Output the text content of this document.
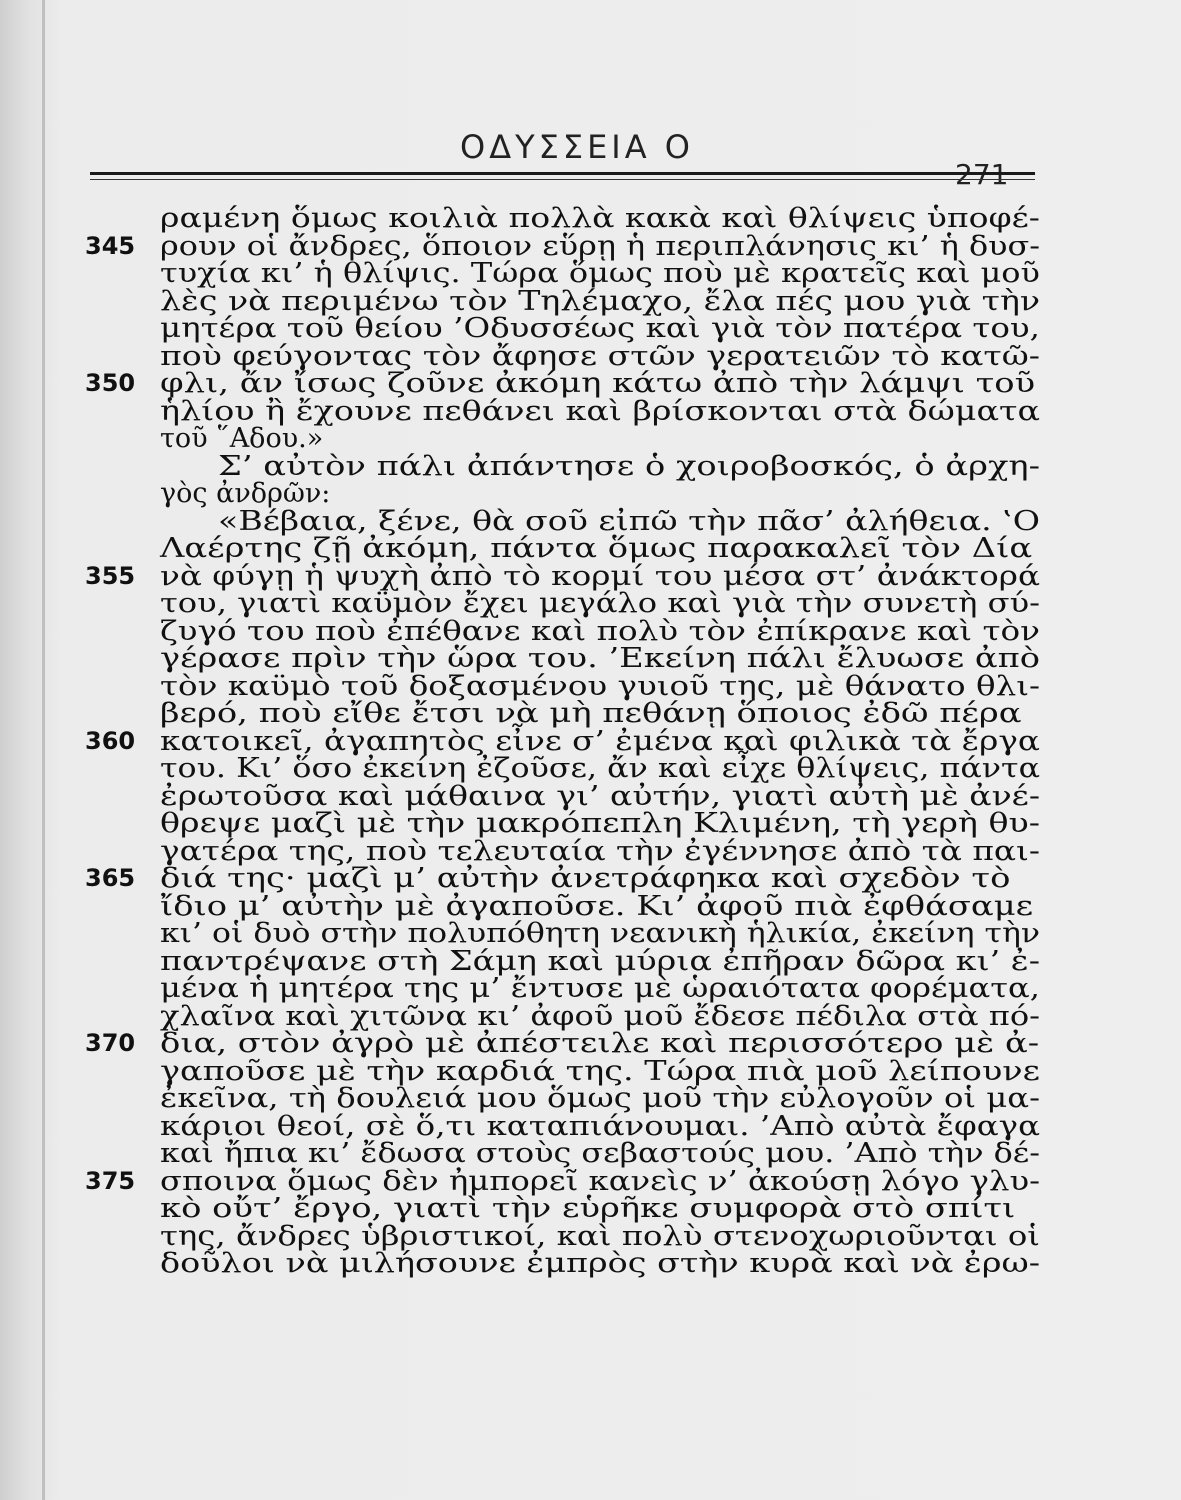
ΟΔΥΣΣΕΙΑ Ο
ραμένη ὅμως κοιλιὰ πολλὰ κακὰ καὶ θλίψεις ὑποφέ-
345 ρουν οἱ ἄνδρες, ὅποιον εὕρῃ ἡ περιπλάνησις κι’ ἡ δυσ-
τυχία κι’ ἡ θλίψις. Τώρα ὅμως ποὺ μὲ κρατεῖς καὶ μοῦ
λὲς νὰ περιμένω τὸν Τηλέμαχο, ἔλα πές μου γιὰ τὴν
μητέρα τοῦ θείου ’Οδυσσέως καὶ γιὰ τὸν πατέρα του,
ποὺ φεύγοντας τὸν ἄφησε στῶν γερατειῶν τὸ κατῶ-
350 φλι, ἄν ἴσως ζοῦνε ἀκόμη κάτω ἀπὸ τὴν λάμψι τοῦ
ἡλίου ἢ ἔχουνε πεθάνει καὶ βρίσκονται στὰ δώματα
τοῦ ῞Αδου.»
Σ’ αὐτὸν πάλι ἀπάντησε ὁ χοιροβοσκός, ὁ ἀρχη-
γὸς ἀνδρῶν:
«Βέβαια, ξένε, θὰ σοῦ εἰπῶ τὴν πᾶσ’ ἀλήθεια. ‛Ο
Λαέρτης ζῇ ἀκόμη, πάντα ὅμως παρακαλεῖ τὸν Δία
355 νὰ φύγῃ ἡ ψυχὴ ἀπὸ τὸ κορμί του μέσα στ’ ἀνάκτορά
του, γιατὶ καϋμὸν ἔχει μεγάλο καὶ γιὰ τὴν συνετὴ σύ-
ζυγό του ποὺ ἐπέθανε καὶ πολὺ τὸν ἐπίκρανε καὶ τὸν
γέρασε πρὶν τὴν ὥρα του. ’Εκείνη πάλι ἔλυωσε ἀπὸ
τὸν καϋμὸ τοῦ δοξασμένου γυιοῦ της, μὲ θάνατο θλι-
βερό, ποὺ εἴθε ἔτσι νὰ μὴ πεθάνῃ ὅποιος ἐδῶ πέρα
360 κατοικεῖ, ἀγαπητὸς εἶνε σ’ ἐμένα καὶ φιλικὰ τὰ ἔργα
του. Κι’ ὅσο ἐκείνη ἐζοῦσε, ἄν καὶ εἶχε θλίψεις, πάντα
ἐρωτοῦσα καὶ μάθαινα γι’ αὐτήν, γιατὶ αὐτὴ μὲ ἀνέ-
θρεψε μαζὶ μὲ τὴν μακρόπεπλη Κλιμένη, τὴ γερὴ θυ-
γατέρα της, ποὺ τελευταία τὴν ἐγέννησε ἀπὸ τὰ παι-
365 διά της· μαζὶ μ’ αὐτὴν ἀνετράφηκα καὶ σχεδὸν τὸ
ἴδιο μ’ αὐτὴν μὲ ἀγαποῦσε. Κι’ ἀφοῦ πιὰ ἐφθάσαμε
κι’ οἱ δυὸ στὴν πολυπόθητη νεανικὴ ἡλικία, ἐκείνη τὴν
παντρέψανε στὴ Σάμη καὶ μύρια ἐπῆραν δῶρα κι’ ἐ-
μένα ἡ μητέρα της μ’ ἔντυσε μὲ ὡραιότατα φορέματα,
χλαῖνα καὶ χιτῶνα κι’ ἀφοῦ μοῦ ἔδεσε πέδιλα στὰ πό-
370 δια, στὸν ἀγρὸ μὲ ἀπέστειλε καὶ περισσότερο μὲ ἀ-
γαποῦσε μὲ τὴν καρδιά της. Τώρα πιὰ μοῦ λείπουνε
ἐκεῖνα, τὴ δουλειά μου ὅμως μοῦ τὴν εὐλογοῦν οἱ μα-
κάριοι θεοί, σὲ ὅ,τι καταπιάνουμαι. ’Απὸ αὐτὰ ἔφαγα
καὶ ἤπια κι’ ἔδωσα στοὺς σεβαστούς μου. ’Απὸ τὴν δέ-
375 σποινα ὅμως δὲν ἠμπορεῖ κανεὶς ν’ ἀκούσῃ λόγο γλυ-
κὸ οὔτ’ ἔργο, γιατὶ τὴν εὑρῆκε συμφορὰ στὸ σπίτι
της, ἄνδρες ὑβριστικοί, καὶ πολὺ στενοχωριοῦνται οἱ
δοῦλοι νὰ μιλήσουνε ἐμπρὸς στὴν κυρὰ καὶ νὰ ἐρω-
